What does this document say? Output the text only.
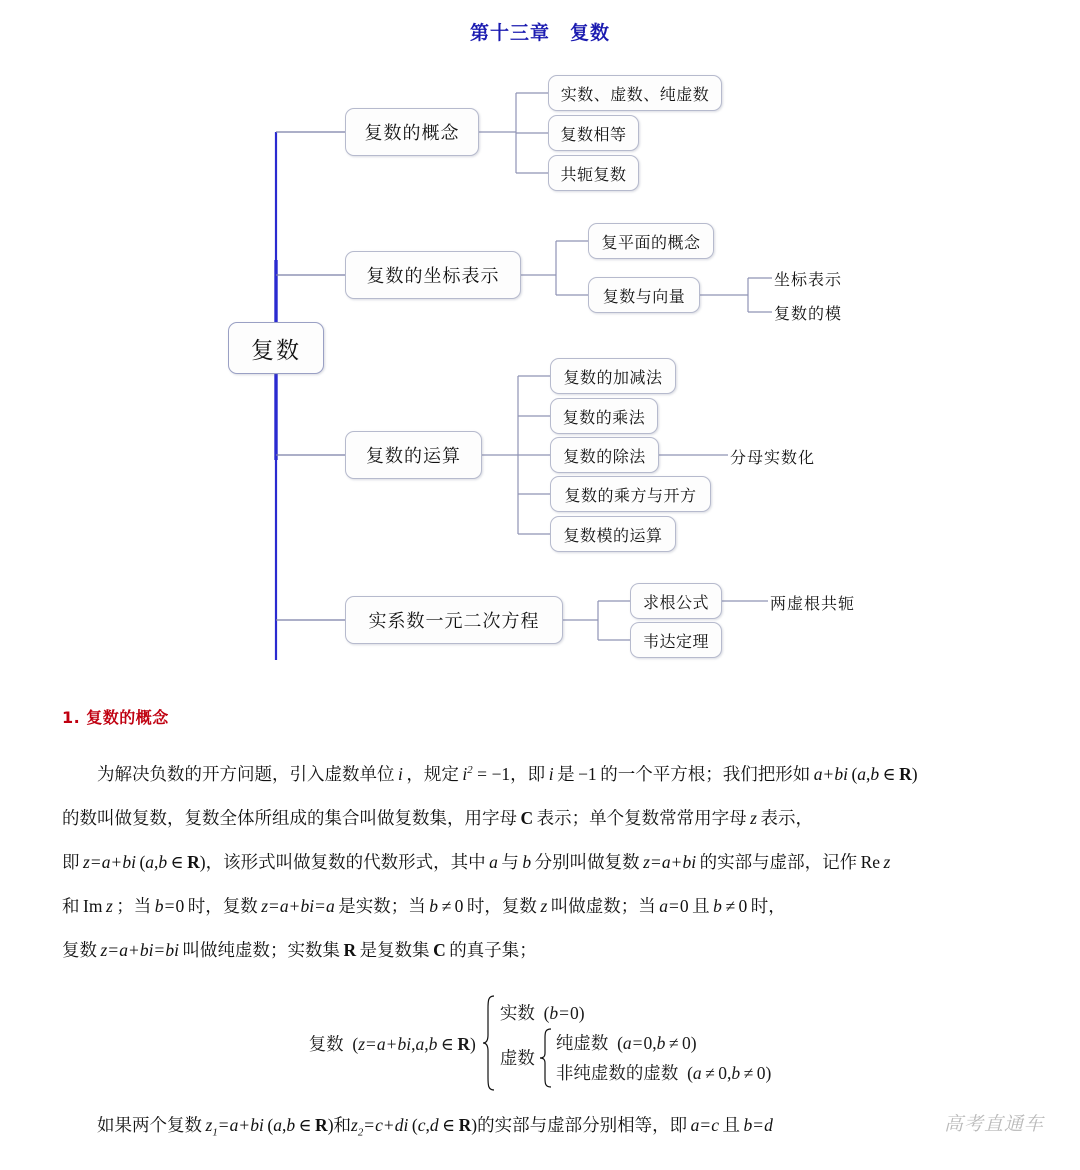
第十三章　复数
复数
复数的概念
复数的坐标表示
复数的运算
实系数一元二次方程
实数、虚数、纯虚数
复数相等
共轭复数
复平面的概念
复数与向量
坐标表示
复数的模
复数的加减法
复数的乘法
复数的除法	分母实数化
复数的乘方与开方
复数模的运算
求根公式	两虚根共轭
韦达定理
1. 复数的概念

为解决负数的开方问题，引入虚数单位 i ，规定 $i^2 = -1$，即 i 是 −1 的一个平方根；我们把形如 a+bi (a,b ∈ R)

的数叫做复数，复数全体所组成的集合叫做复数集，用字母 C 表示；单个复数常常用字母 z 表示，

即 z=a+bi (a,b ∈ R)，该形式叫做复数的代数形式，其中 a 与 b 分别叫做复数 z=a+bi 的实部与虚部，记作 Re z

和 Im z ；当 b=0 时，复数 z=a+bi=a 是实数；当 b ≠ 0 时，复数 z 叫做虚数；当 a=0 且 b ≠ 0 时，

复数 z=a+bi=bi 叫做纯虚数；实数集 R 是复数集 C 的真子集；

复数  (z=a+bi,a,b ∈ R)
实数  (b=0)
虚数
纯虚数  (a=0,b ≠ 0)
非纯虚数的虚数  (a ≠ 0,b ≠ 0)

如果两个复数 $z_1=a+bi$ (a,b ∈ R)和$z_2=c+di$ (c,d ∈ R)的实部与虚部分别相等，即 a=c 且 b=d	高考直通车
